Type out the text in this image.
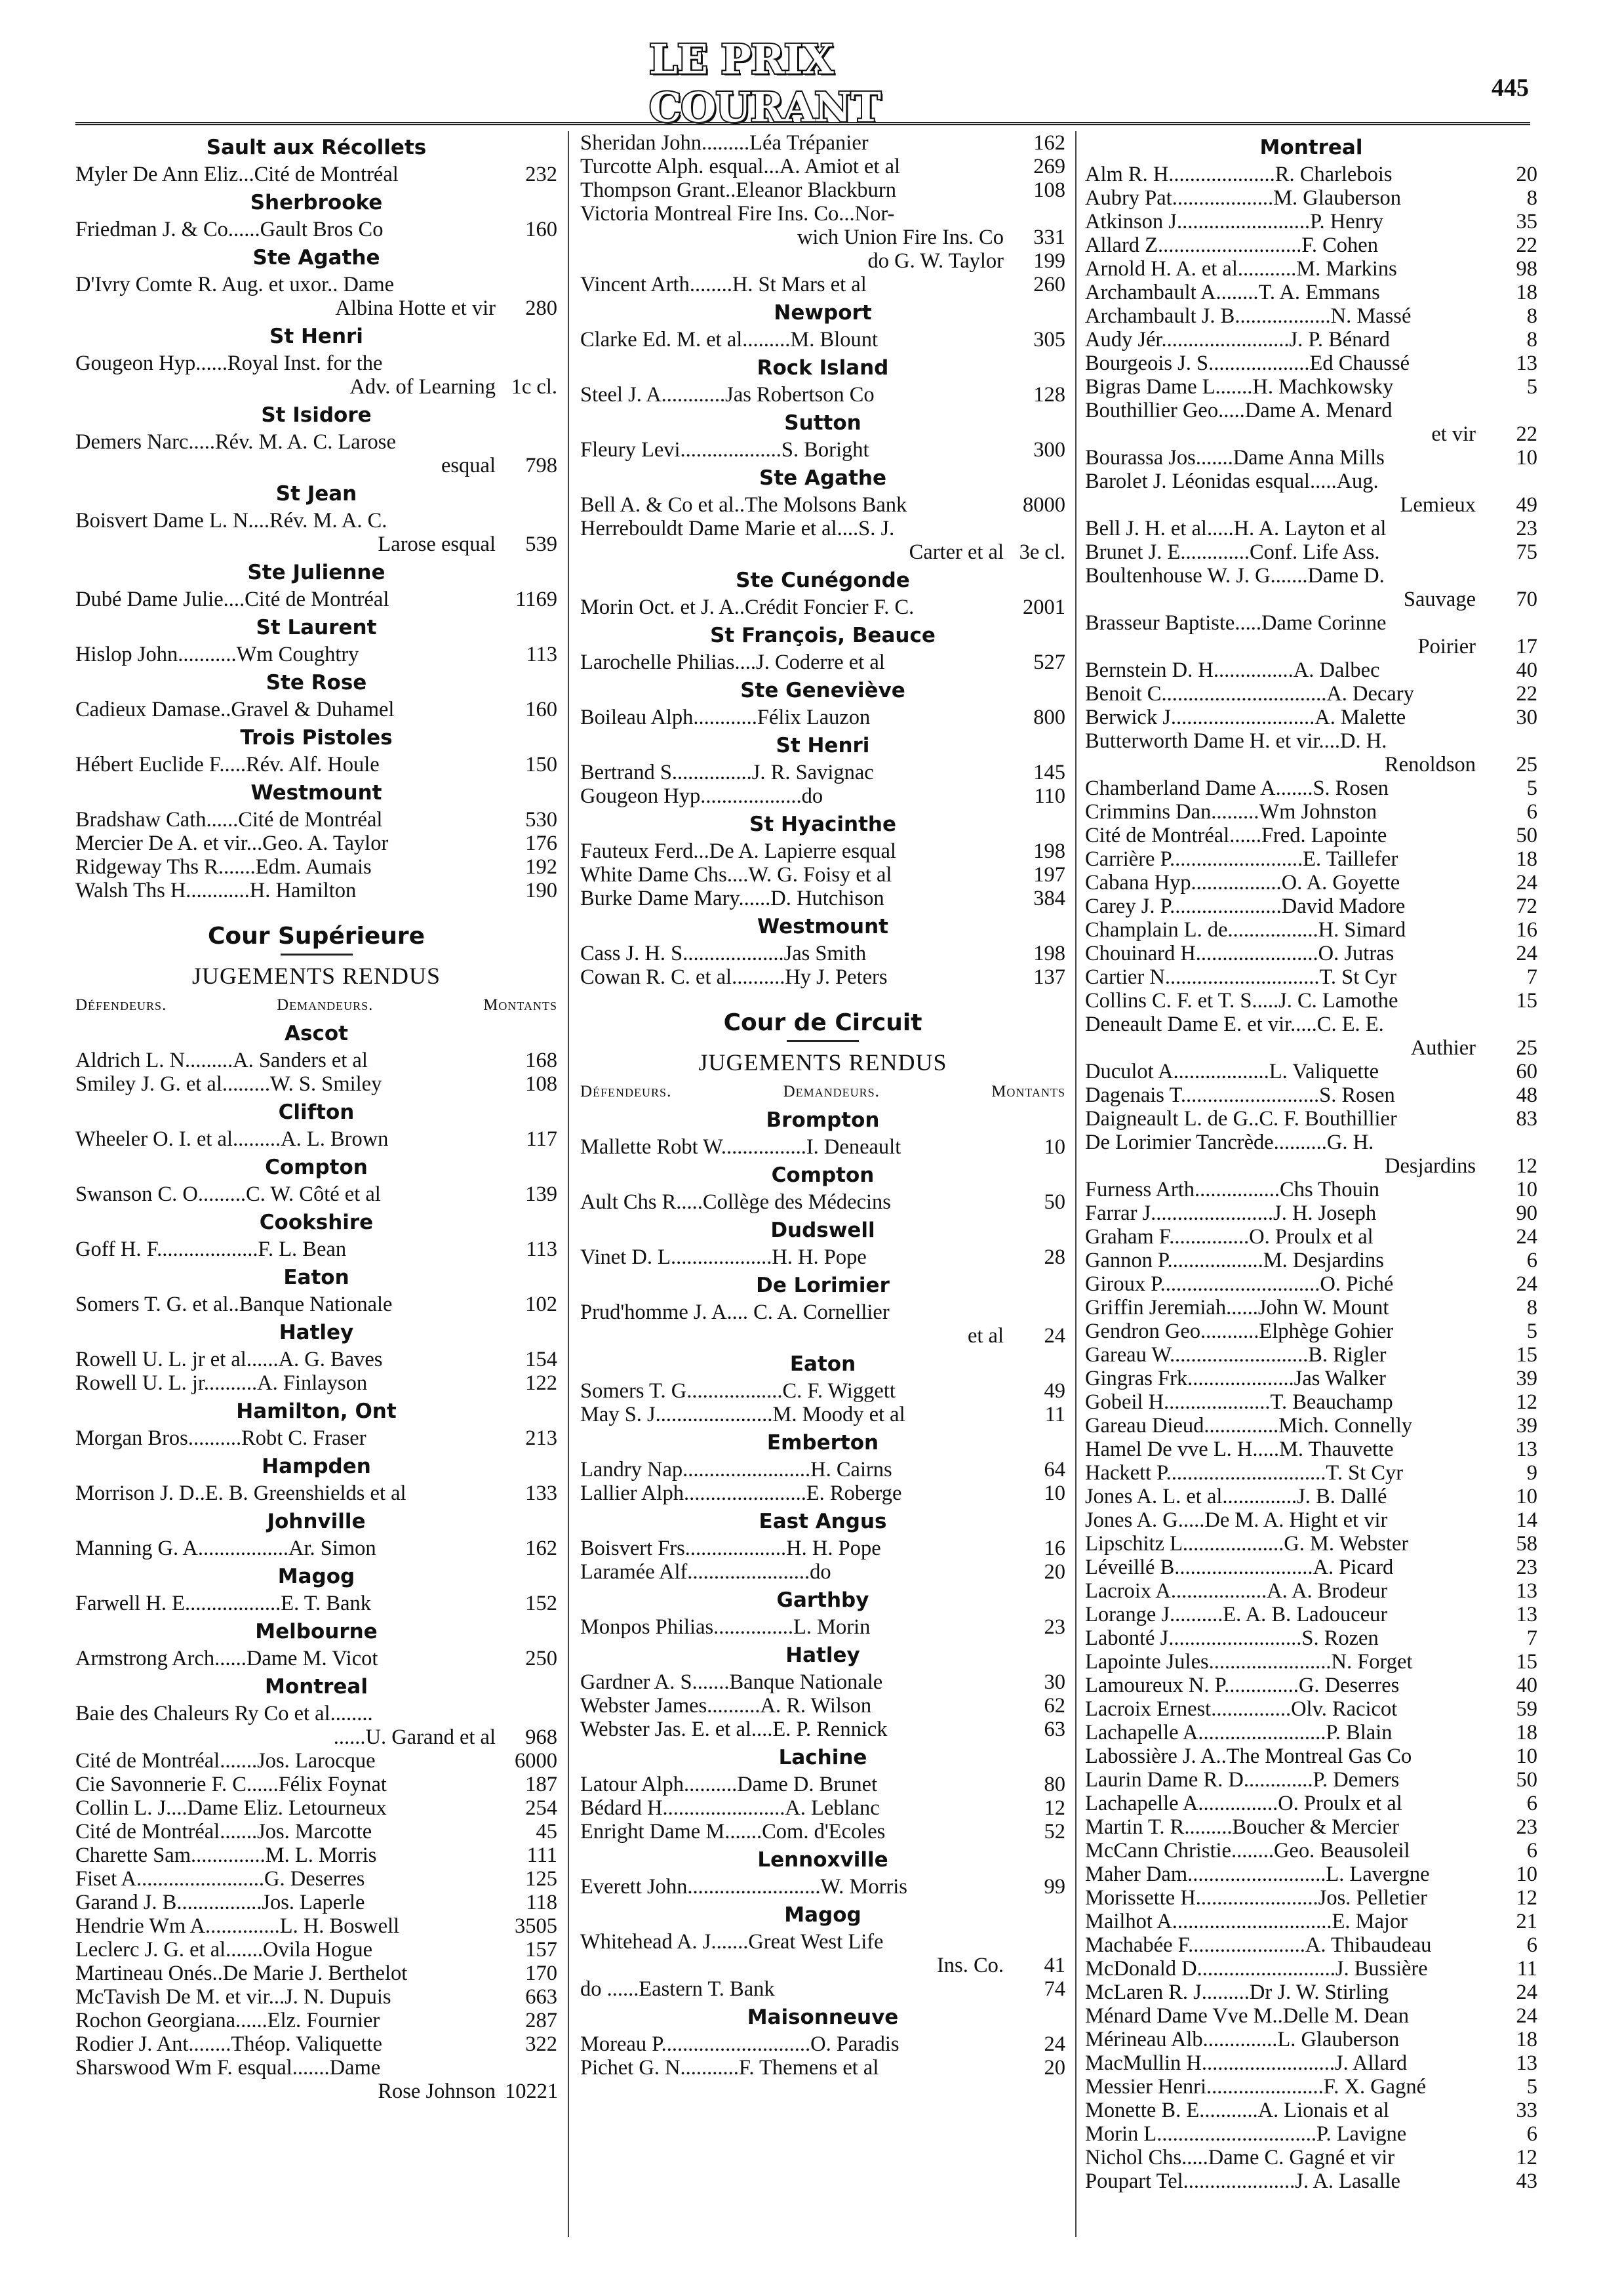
LE PRIX COURANT	445
Sault aux Récollets
Myler De Ann Eliz...Cité de Montréal	232
Sherbrooke
Friedman J. & Co......Gault Bros Co	160
Ste Agathe
D'Ivry Comte R. Aug. et uxor.. Dame
Albina Hotte et vir	280
St Henri
Gougeon Hyp......Royal Inst. for the
Adv. of Learning 1c cl.
St Isidore
Demers Narc.....Rév. M. A. C. Larose
esqual	798
St Jean
Boisvert Dame L. N....Rév. M. A. C.
Larose esqual	539
Ste Julienne
Dubé Dame Julie....Cité de Montréal	1169
St Laurent
Hislop John...........Wm Coughtry	113
Ste Rose
Cadieux Damase..Gravel & Duhamel	160
Trois Pistoles
Hébert Euclide F.....Rév. Alf. Houle	150
Westmount
Bradshaw Cath......Cité de Montréal	530
Mercier De A. et vir...Geo. A. Taylor	176
Ridgeway Ths R.......Edm. Aumais	192
Walsh Ths H............H. Hamilton	190
Cour Supérieure
JUGEMENTS RENDUS
Défendeurs.	Demandeurs.	Montants
Ascot
Aldrich L. N.........A. Sanders et al	168
Smiley J. G. et al.........W. S. Smiley	108
Clifton
Wheeler O. I. et al.........A. L. Brown	117
Compton
Swanson C. O.........C. W. Côté et al	139
Cookshire
Goff H. F...................F. L. Bean	113
Eaton
Somers T. G. et al..Banque Nationale	102
Hatley
Rowell U. L. jr et al......A. G. Baves	154
Rowell U. L. jr..........A. Finlayson	122
Hamilton, Ont
Morgan Bros..........Robt C. Fraser	213
Hampden
Morrison J. D..E. B. Greenshields et al	133
Johnville
Manning G. A.................Ar. Simon	162
Magog
Farwell H. E..................E. T. Bank	152
Melbourne
Armstrong Arch......Dame M. Vicot	250
Montreal
Baie des Chaleurs Ry Co et al........
......U. Garand et al	968
Cité de Montréal.......Jos. Larocque	6000
Cie Savonnerie F. C......Félix Foynat	187
Collin L. J....Dame Eliz. Letourneux	254
Cité de Montréal.......Jos. Marcotte	45
Charette Sam..............M. L. Morris	111
Fiset A........................G. Deserres	125
Garand J. B................Jos. Laperle	118
Hendrie Wm A..............L. H. Boswell	3505
Leclerc J. G. et al.......Ovila Hogue	157
Martineau Onés..De Marie J. Berthelot	170
McTavish De M. et vir...J. N. Dupuis	663
Rochon Georgiana......Elz. Fournier	287
Rodier J. Ant........Théop. Valiquette	322
Sharswood Wm F. esqual.......Dame
Rose Johnson 10221
Sheridan John.........Léa Trépanier	162
Turcotte Alph. esqual...A. Amiot et al	269
Thompson Grant..Eleanor Blackburn	108
Victoria Montreal Fire Ins. Co...Nor-
wich Union Fire Ins. Co	331
do G. W. Taylor	199
Vincent Arth........H. St Mars et al	260
Newport
Clarke Ed. M. et al.........M. Blount	305
Rock Island
Steel J. A............Jas Robertson Co	128
Sutton
Fleury Levi...................S. Boright	300
Ste Agathe
Bell A. & Co et al..The Molsons Bank	8000
Herrebouldt Dame Marie et al....S. J.
Carter et al 3e cl.
Ste Cunégonde
Morin Oct. et J. A..Crédit Foncier F. C.	2001
St François, Beauce
Larochelle Philias....J. Coderre et al	527
Ste Geneviève
Boileau Alph............Félix Lauzon	800
St Henri
Bertrand S...............J. R. Savignac	145
Gougeon Hyp...................do	110
St Hyacinthe
Fauteux Ferd...De A. Lapierre esqual	198
White Dame Chs....W. G. Foisy et al	197
Burke Dame Mary......D. Hutchison	384
Westmount
Cass J. H. S...................Jas Smith	198
Cowan R. C. et al..........Hy J. Peters	137
Cour de Circuit
JUGEMENTS RENDUS
Défendeurs.	Demandeurs.	Montants
Brompton
Mallette Robt W................I. Deneault	10
Compton
Ault Chs R.....Collège des Médecins	50
Dudswell
Vinet D. L...................H. H. Pope	28
De Lorimier
Prud'homme J. A.... C. A. Cornellier
et al	24
Eaton
Somers T. G..................C. F. Wiggett	49
May S. J......................M. Moody et al	11
Emberton
Landry Nap........................H. Cairns	64
Lallier Alph.......................E. Roberge	10
East Angus
Boisvert Frs...................H. H. Pope	16
Laramée Alf.......................do	20
Garthby
Monpos Philias...............L. Morin	23
Hatley
Gardner A. S.......Banque Nationale	30
Webster James..........A. R. Wilson	62
Webster Jas. E. et al....E. P. Rennick	63
Lachine
Latour Alph..........Dame D. Brunet	80
Bédard H.......................A. Leblanc	12
Enright Dame M.......Com. d'Ecoles	52
Lennoxville
Everett John.........................W. Morris	99
Magog
Whitehead A. J.......Great West Life
Ins. Co.	41
do ......Eastern T. Bank	74
Maisonneuve
Moreau P............................O. Paradis	24
Pichet G. N...........F. Themens et al	20
Montreal
Alm R. H....................R. Charlebois	20
Aubry Pat...................M. Glauberson	8
Atkinson J.........................P. Henry	35
Allard Z...........................F. Cohen	22
Arnold H. A. et al...........M. Markins	98
Archambault A........T. A. Emmans	18
Archambault J. B..................N. Massé	8
Audy Jér........................J. P. Bénard	8
Bourgeois J. S...................Ed Chaussé	13
Bigras Dame L.......H. Machkowsky	5
Bouthillier Geo.....Dame A. Menard
et vir	22
Bourassa Jos.......Dame Anna Mills	10
Barolet J. Léonidas esqual.....Aug.
Lemieux	49
Bell J. H. et al.....H. A. Layton et al	23
Brunet J. E.............Conf. Life Ass.	75
Boultenhouse W. J. G.......Dame D.
Sauvage	70
Brasseur Baptiste.....Dame Corinne
Poirier	17
Bernstein D. H...............A. Dalbec	40
Benoit C...............................A. Decary	22
Berwick J...........................A. Malette	30
Butterworth Dame H. et vir....D. H.
Renoldson	25
Chamberland Dame A.......S. Rosen	5
Crimmins Dan.........Wm Johnston	6
Cité de Montréal......Fred. Lapointe	50
Carrière P.........................E. Taillefer	18
Cabana Hyp.................O. A. Goyette	24
Carey J. P.....................David Madore	72
Champlain L. de.................H. Simard	16
Chouinard H.......................O. Jutras	24
Cartier N.............................T. St Cyr	7
Collins C. F. et T. S.....J. C. Lamothe	15
Deneault Dame E. et vir.....C. E. E.
Authier	25
Duculot A..................L. Valiquette	60
Dagenais T..........................S. Rosen	48
Daigneault L. de G..C. F. Bouthillier	83
De Lorimier Tancrède..........G. H.
Desjardins	12
Furness Arth................Chs Thouin	10
Farrar J.......................J. H. Joseph	90
Graham F...............O. Proulx et al	24
Gannon P..................M. Desjardins	6
Giroux P..............................O. Piché	24
Griffin Jeremiah......John W. Mount	8
Gendron Geo...........Elphège Gohier	5
Gareau W..........................B. Rigler	15
Gingras Frk....................Jas Walker	39
Gobeil H....................T. Beauchamp	12
Gareau Dieud..............Mich. Connelly	39
Hamel De vve L. H.....M. Thauvette	13
Hackett P..............................T. St Cyr	9
Jones A. L. et al..............J. B. Dallé	10
Jones A. G.....De M. A. Hight et vir	14
Lipschitz L...................G. M. Webster	58
Léveillé B..........................A. Picard	23
Lacroix A..................A. A. Brodeur	13
Lorange J..........E. A. B. Ladouceur	13
Labonté J.........................S. Rozen	7
Lapointe Jules.......................N. Forget	15
Lamoureux N. P..............G. Deserres	40
Lacroix Ernest...............Olv. Racicot	59
Lachapelle A........................P. Blain	18
Labossière J. A..The Montreal Gas Co	10
Laurin Dame R. D.............P. Demers	50
Lachapelle A...............O. Proulx et al	6
Martin T. R.........Boucher & Mercier	23
McCann Christie........Geo. Beausoleil	6
Maher Dam..........................L. Lavergne	10
Morissette H.......................Jos. Pelletier	12
Mailhot A..............................E. Major	21
Machabée F......................A. Thibaudeau	6
McDonald D..........................J. Bussière	11
McLaren R. J.........Dr J. W. Stirling	24
Ménard Dame Vve M..Delle M. Dean	24
Mérineau Alb..............L. Glauberson	18
MacMullin H.........................J. Allard	13
Messier Henri......................F. X. Gagné	5
Monette B. E...........A. Lionais et al	33
Morin L..............................P. Lavigne	6
Nichol Chs.....Dame C. Gagné et vir	12
Poupart Tel.....................J. A. Lasalle	43
